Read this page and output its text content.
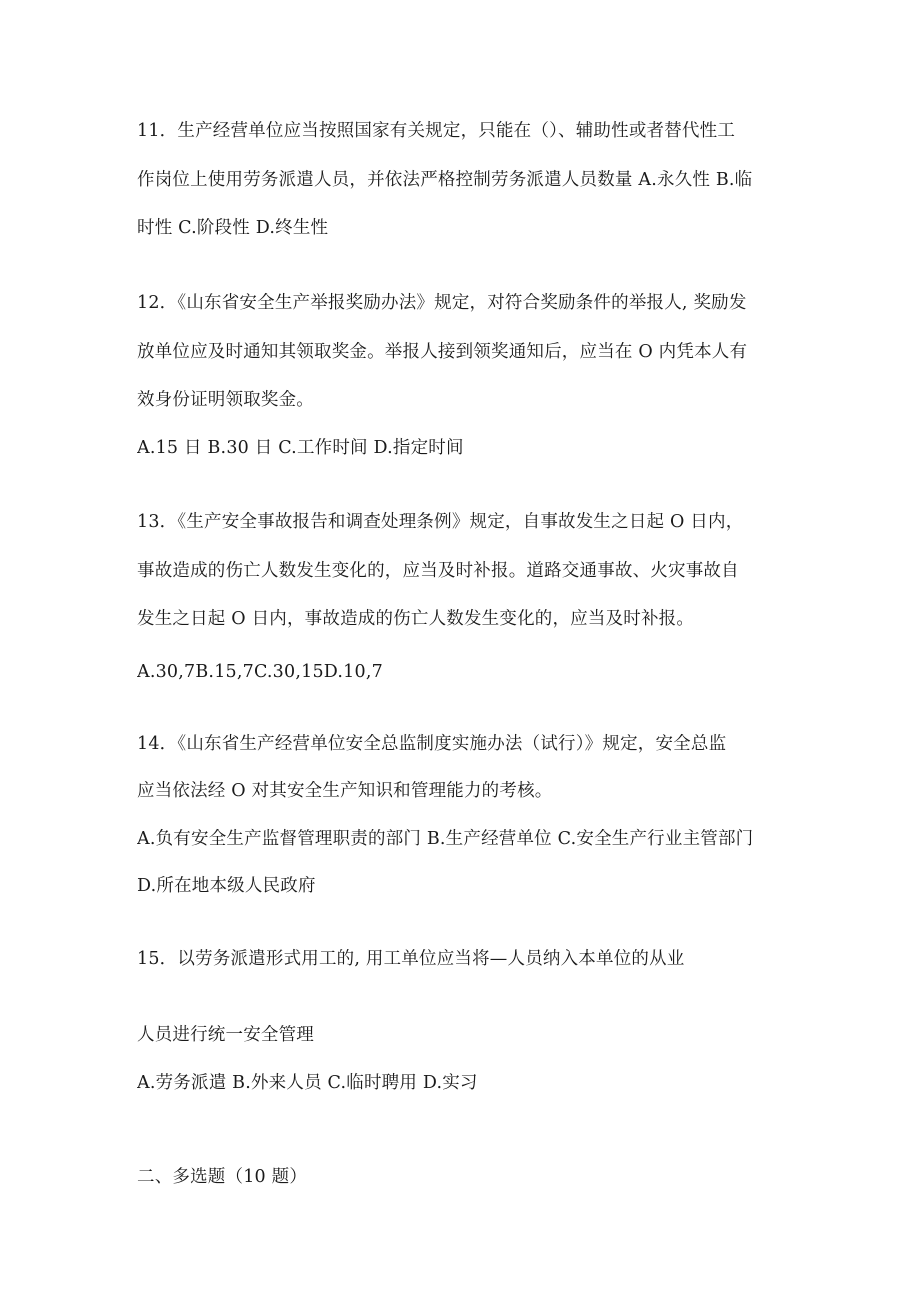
11．生产经营单位应当按照国家有关规定，只能在（）、辅助性或者替代性工
作岗位上使用劳务派遣人员，并依法严格控制劳务派遣人员数量 A.永久性 B.临
时性 C.阶段性 D.终生性
12．《山东省安全生产举报奖励办法》规定，对符合奖励条件的举报人, 奖励发
放单位应及时通知其领取奖金。举报人接到领奖通知后，应当在 O 内凭本人有
效身份证明领取奖金。
A.15 日 B.30 日 C.工作时间 D.指定时间
13．《生产安全事故报告和调查处理条例》规定，自事故发生之日起 O 日内，
事故造成的伤亡人数发生变化的，应当及时补报。道路交通事故、火灾事故自
发生之日起 O 日内，事故造成的伤亡人数发生变化的，应当及时补报。
A.30,7B.15,7C.30,15D.10,7
14．《山东省生产经营单位安全总监制度实施办法（试行）》规定，安全总监
应当依法经 O 对其安全生产知识和管理能力的考核。
A.负有安全生产监督管理职责的部门 B.生产经营单位 C.安全生产行业主管部门
D.所在地本级人民政府
15．以劳务派遣形式用工的, 用工单位应当将—人员纳入本单位的从业
人员进行统一安全管理
A.劳务派遣 B.外来人员 C.临时聘用 D.实习
二、多选题（10 题）
